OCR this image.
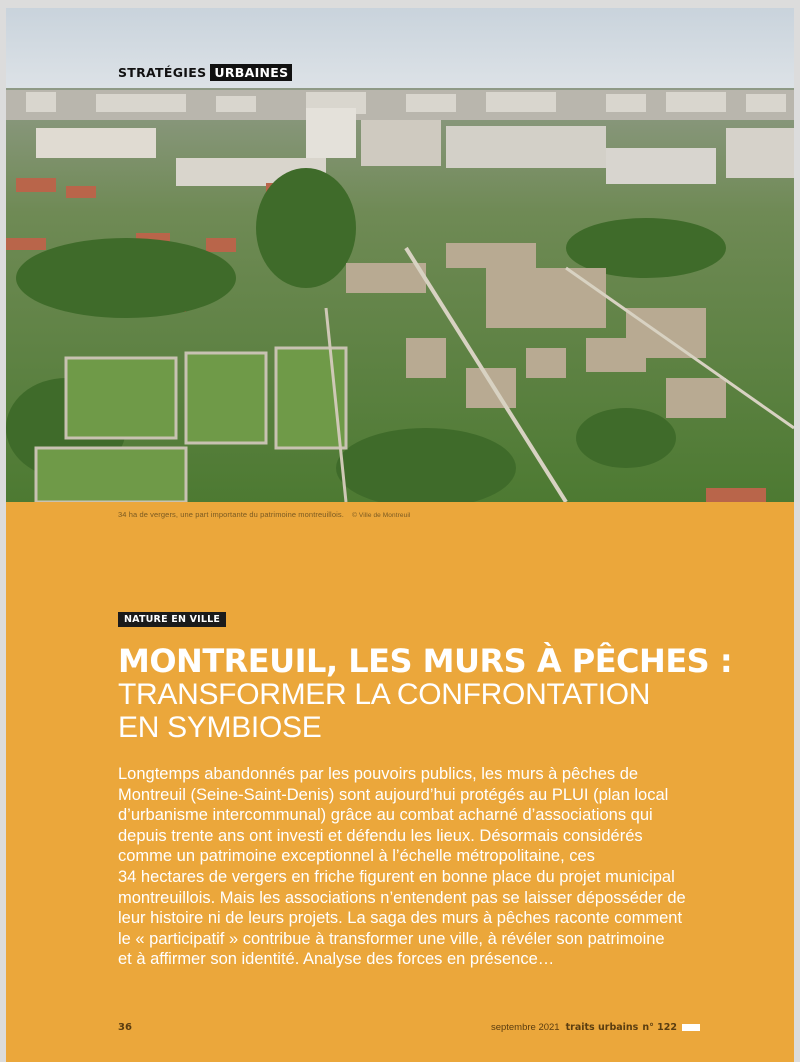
STRATÉGIES URBAINES
34 ha de vergers, une part importante du patrimoine montreuillois. © Ville de Montreuil
NATURE EN VILLE
MONTREUIL, LES MURS À PÊCHES :
TRANSFORMER LA CONFRONTATION
EN SYMBIOSE
Longtemps abandonnés par les pouvoirs publics, les murs à pêches de
Montreuil (Seine-Saint-Denis) sont aujourd’hui protégés au PLUI (plan local
d’urbanisme intercommunal) grâce au combat acharné d’associations qui
depuis trente ans ont investi et défendu les lieux. Désormais considérés
comme un patrimoine exceptionnel à l’échelle métropolitaine, ces
34 hectares de vergers en friche figurent en bonne place du projet municipal
montreuillois. Mais les associations n’entendent pas se laisser déposséder de
leur histoire ni de leurs projets. La saga des murs à pêches raconte comment
le « participatif » contribue à transformer une ville, à révéler son patrimoine
et à affirmer son identité. Analyse des forces en présence…
36	septembre 2021 traits urbains n° 122
